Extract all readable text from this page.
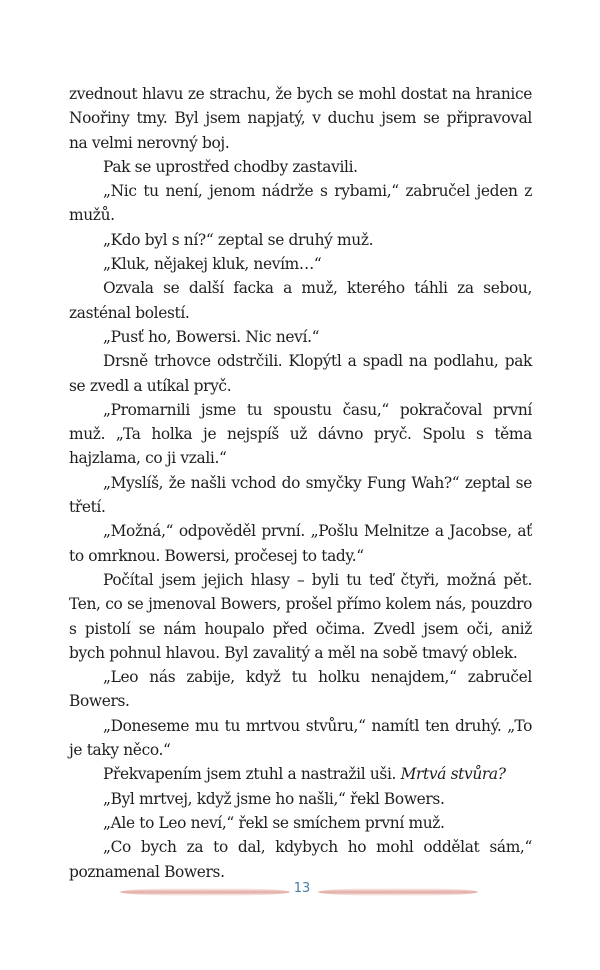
zvednout hlavu ze strachu, že bych se mohl dostat na hranice Noořiny tmy. Byl jsem napjatý, v duchu jsem se připravoval na velmi nerovný boj.

Pak se uprostřed chodby zastavili.

„Nic tu není, jenom nádrže s rybami,“ zabručel jeden z mužů.

„Kdo byl s ní?“ zeptal se druhý muž.

„Kluk, nějakej kluk, nevím…“

Ozvala se další facka a muž, kterého táhli za sebou, zasténal bolestí.

„Pusť ho, Bowersi. Nic neví.“

Drsně trhovce odstrčili. Klopýtl a spadl na podlahu, pak se zvedl a utíkal pryč.

„Promarnili jsme tu spoustu času,“ pokračoval první muž. „Ta holka je nejspíš už dávno pryč. Spolu s těma hajzlama, co ji vzali.“

„Myslíš, že našli vchod do smyčky Fung Wah?“ zeptal se třetí.

„Možná,“ odpověděl první. „Pošlu Melnitze a Jacobse, ať to omrknou. Bowersi, pročesej to tady.“

Počítal jsem jejich hlasy – byli tu teď čtyři, možná pět. Ten, co se jmenoval Bowers, prošel přímo kolem nás, pouzdro s pistolí se nám houpalo před očima. Zvedl jsem oči, aniž bych pohnul hlavou. Byl zavalitý a měl na sobě tmavý oblek.

„Leo nás zabije, když tu holku nenajdem,“ zabručel Bowers.

„Doneseme mu tu mrtvou stvůru,“ namítl ten druhý. „To je taky něco.“

Překvapením jsem ztuhl a nastražil uši. Mrtvá stvůra?

„Byl mrtvej, když jsme ho našli,“ řekl Bowers.

„Ale to Leo neví,“ řekl se smíchem první muž.

„Co bych za to dal, kdybych ho mohl oddělat sám,“ poznamenal Bowers.

13
